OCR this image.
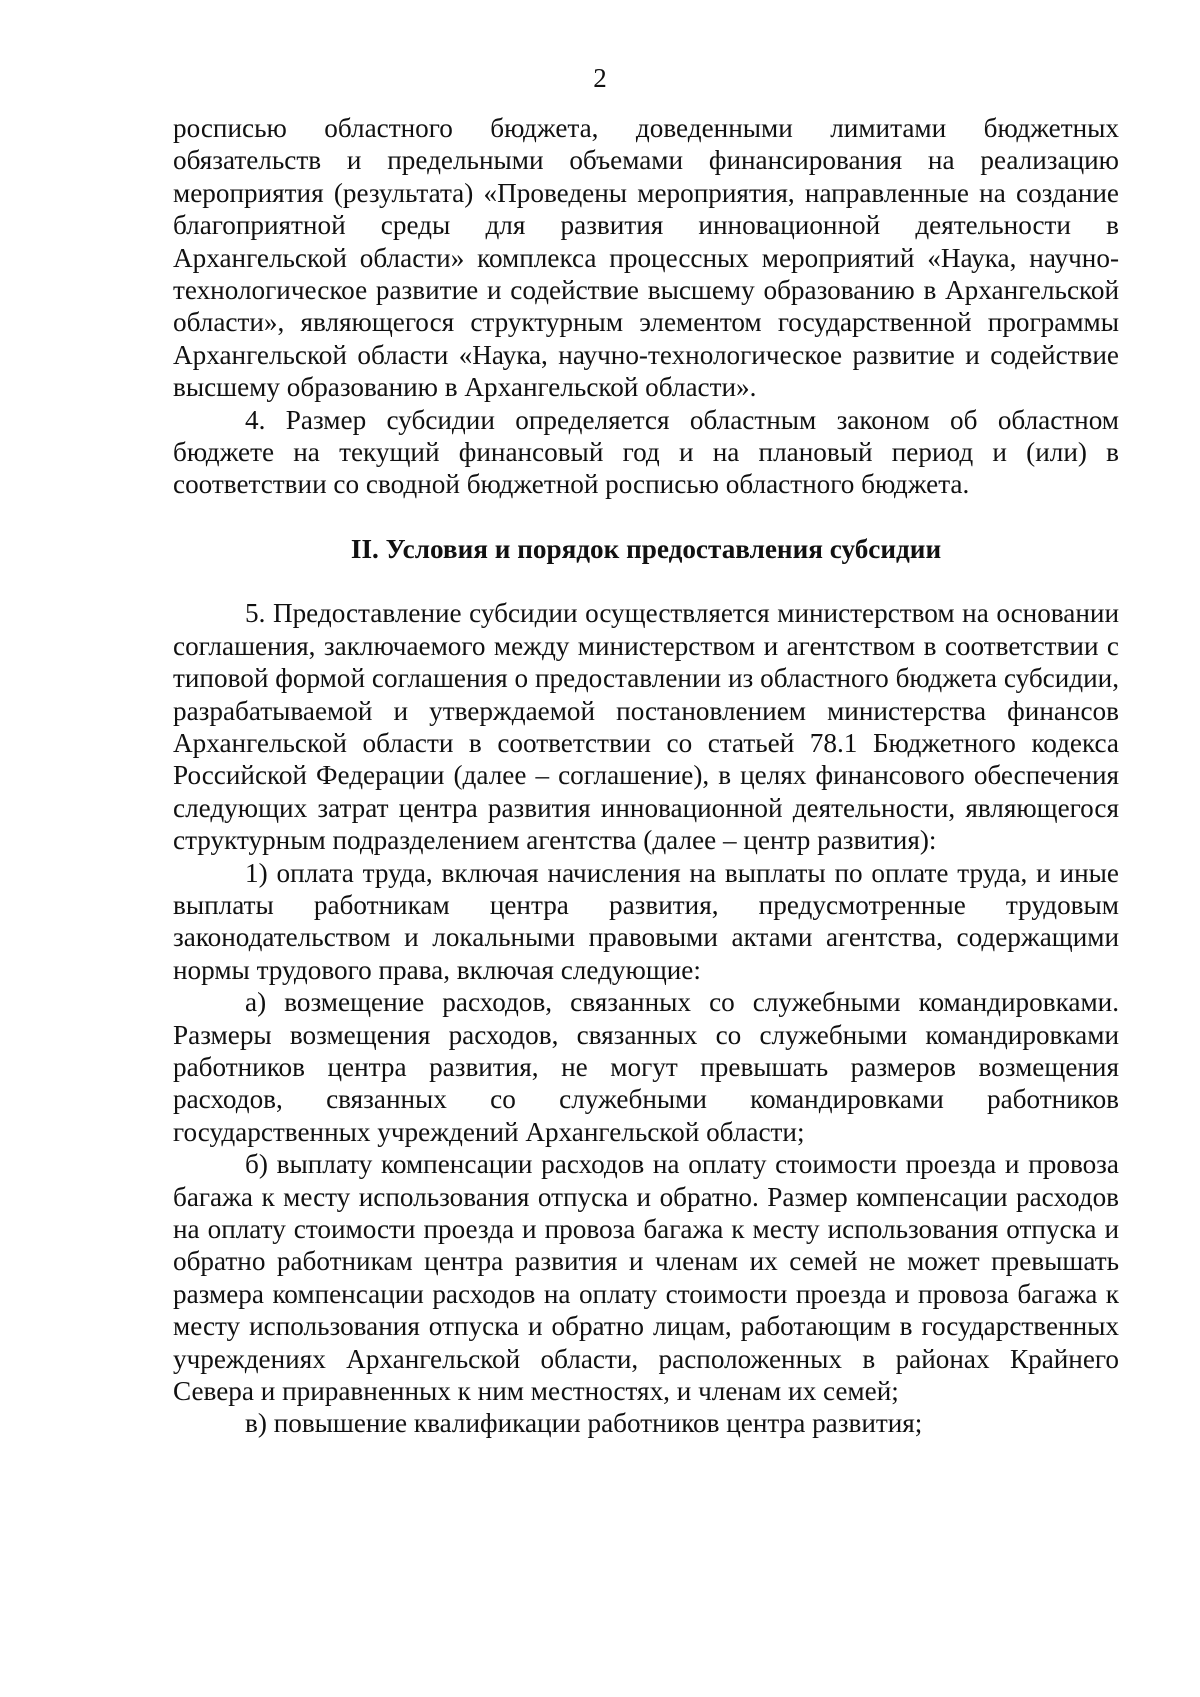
2

росписью областного бюджета, доведенными лимитами бюджетных обязательств и предельными объемами финансирования на реализацию мероприятия (результата) «Проведены мероприятия, направленные на создание благоприятной среды для развития инновационной деятельности в Архангельской области» комплекса процессных мероприятий «Наука, научно-технологическое развитие и содействие высшему образованию в Архангельской области», являющегося структурным элементом государственной программы Архангельской области «Наука, научно-технологическое развитие и содействие высшему образованию в Архангельской области».

4. Размер субсидии определяется областным законом об областном бюджете на текущий финансовый год и на плановый период и (или) в соответствии со сводной бюджетной росписью областного бюджета.

II. Условия и порядок предоставления субсидии

5. Предоставление субсидии осуществляется министерством на основании соглашения, заключаемого между министерством и агентством в соответствии с типовой формой соглашения о предоставлении из областного бюджета субсидии, разрабатываемой и утверждаемой постановлением министерства финансов Архангельской области в соответствии со статьей 78.1 Бюджетного кодекса Российской Федерации (далее – соглашение), в целях финансового обеспечения следующих затрат центра развития инновационной деятельности, являющегося структурным подразделением агентства (далее – центр развития):

1) оплата труда, включая начисления на выплаты по оплате труда, и иные выплаты работникам центра развития, предусмотренные трудовым законодательством и локальными правовыми актами агентства, содержащими нормы трудового права, включая следующие:

а) возмещение расходов, связанных со служебными командировками. Размеры возмещения расходов, связанных со служебными командировками работников центра развития, не могут превышать размеров возмещения расходов, связанных со служебными командировками работников государственных учреждений Архангельской области;

б) выплату компенсации расходов на оплату стоимости проезда и провоза багажа к месту использования отпуска и обратно. Размер компенсации расходов на оплату стоимости проезда и провоза багажа к месту использования отпуска и обратно работникам центра развития и членам их семей не может превышать размера компенсации расходов на оплату стоимости проезда и провоза багажа к месту использования отпуска и обратно лицам, работающим в государственных учреждениях Архангельской области, расположенных в районах Крайнего Севера и приравненных к ним местностях, и членам их семей;

в) повышение квалификации работников центра развития;
